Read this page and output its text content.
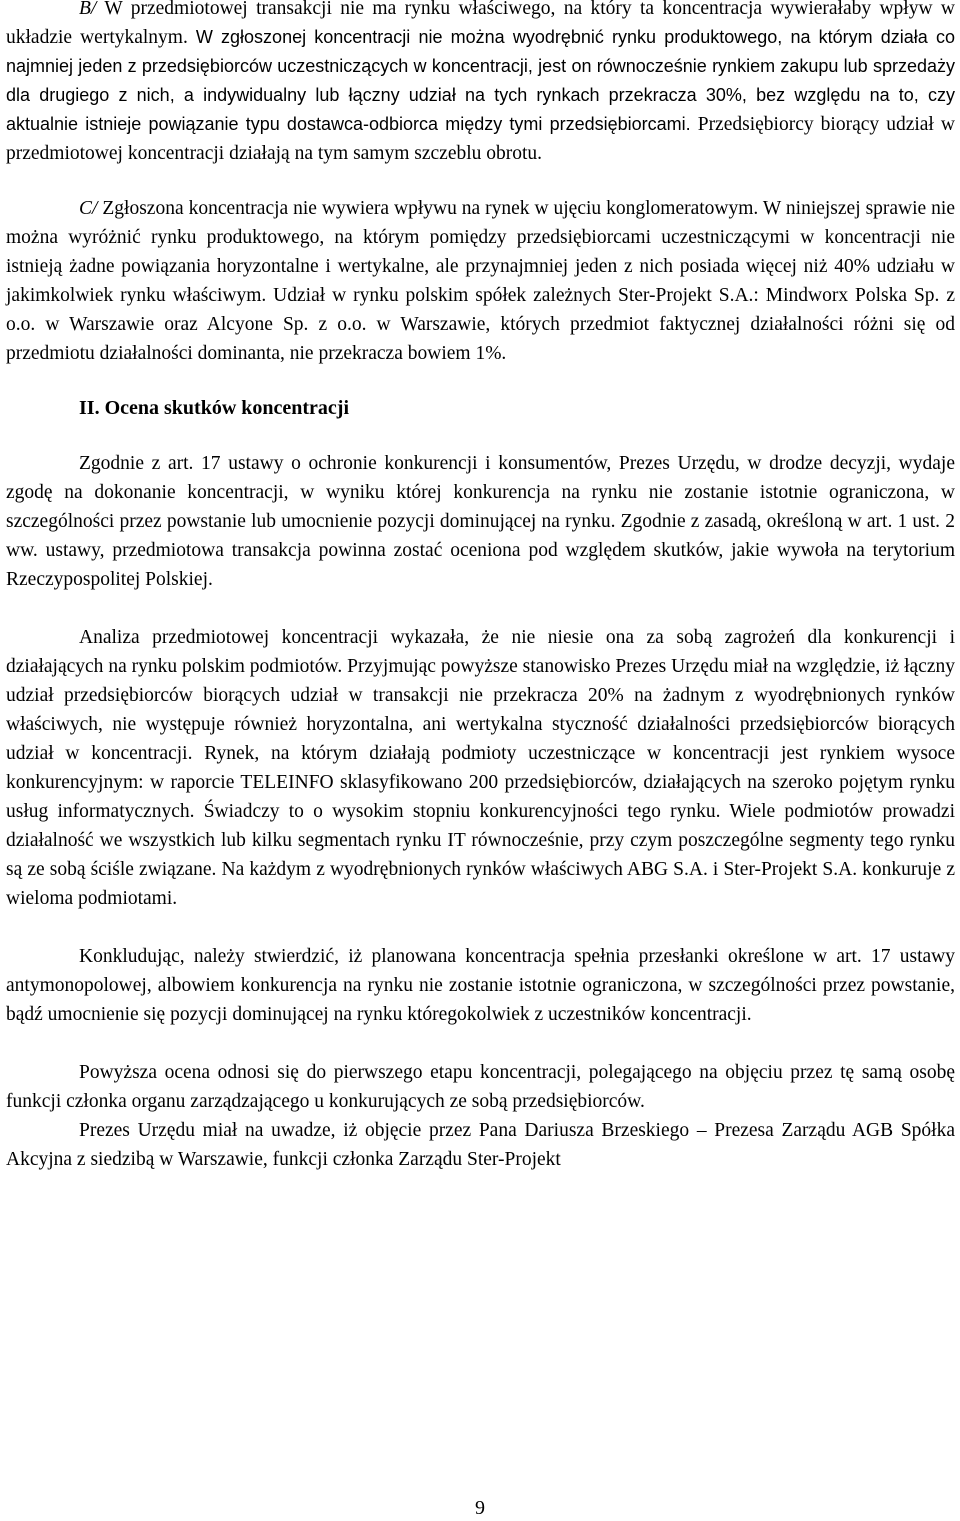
B/ W przedmiotowej transakcji nie ma rynku właściwego, na który ta koncentracja wywierałaby wpływ w układzie wertykalnym. W zgłoszonej koncentracji nie można wyodrębnić rynku produktowego, na którym działa co najmniej jeden z przedsiębiorców uczestniczących w koncentracji, jest on równocześnie rynkiem zakupu lub sprzedaży dla drugiego z nich, a indywidualny lub łączny udział na tych rynkach przekracza 30%, bez względu na to, czy aktualnie istnieje powiązanie typu dostawca-odbiorca między tymi przedsiębiorcami. Przedsiębiorcy biorący udział w przedmiotowej koncentracji działają na tym samym szczeblu obrotu.

C/ Zgłoszona koncentracja nie wywiera wpływu na rynek w ujęciu konglomeratowym. W niniejszej sprawie nie można wyróżnić rynku produktowego, na którym pomiędzy przedsiębiorcami uczestniczącymi w koncentracji nie istnieją żadne powiązania horyzontalne i wertykalne, ale przynajmniej jeden z nich posiada więcej niż 40% udziału w jakimkolwiek rynku właściwym. Udział w rynku polskim spółek zależnych Ster-Projekt S.A.: Mindworx Polska Sp. z o.o. w Warszawie oraz Alcyone Sp. z o.o. w Warszawie, których przedmiot faktycznej działalności różni się od przedmiotu działalności dominanta, nie przekracza bowiem 1%.

II. Ocena skutków koncentracji

Zgodnie z art. 17 ustawy o ochronie konkurencji i konsumentów, Prezes Urzędu, w drodze decyzji, wydaje zgodę na dokonanie koncentracji, w wyniku której konkurencja na rynku nie zostanie istotnie ograniczona, w szczególności przez powstanie lub umocnienie pozycji dominującej na rynku. Zgodnie z zasadą, określoną w art. 1 ust. 2 ww. ustawy, przedmiotowa transakcja powinna zostać oceniona pod względem skutków, jakie wywoła na terytorium Rzeczypospolitej Polskiej.

Analiza przedmiotowej koncentracji wykazała, że nie niesie ona za sobą zagrożeń dla konkurencji i działających na rynku polskim podmiotów. Przyjmując powyższe stanowisko Prezes Urzędu miał na względzie, iż łączny udział przedsiębiorców biorących udział w transakcji nie przekracza 20% na żadnym z wyodrębnionych rynków właściwych, nie występuje również horyzontalna, ani wertykalna styczność działalności przedsiębiorców biorących udział w koncentracji. Rynek, na którym działają podmioty uczestniczące w koncentracji jest rynkiem wysoce konkurencyjnym: w raporcie TELEINFO sklasyfikowano 200 przedsiębiorców, działających na szeroko pojętym rynku usług informatycznych. Świadczy to o wysokim stopniu konkurencyjności tego rynku. Wiele podmiotów prowadzi działalność we wszystkich lub kilku segmentach rynku IT równocześnie, przy czym poszczególne segmenty tego rynku są ze sobą ściśle związane. Na każdym z wyodrębnionych rynków właściwych ABG S.A. i Ster-Projekt S.A. konkuruje z wieloma podmiotami.

Konkludując, należy stwierdzić, iż planowana koncentracja spełnia przesłanki określone w art. 17 ustawy antymonopolowej, albowiem konkurencja na rynku nie zostanie istotnie ograniczona, w szczególności przez powstanie, bądź umocnienie się pozycji dominującej na rynku któregokolwiek z uczestników koncentracji.

Powyższa ocena odnosi się do pierwszego etapu koncentracji, polegającego na objęciu przez tę samą osobę funkcji członka organu zarządzającego u konkurujących ze sobą przedsiębiorców.

Prezes Urzędu miał na uwadze, iż objęcie przez Pana Dariusza Brzeskiego – Prezesa Zarządu AGB Spółka Akcyjna z siedzibą w Warszawie, funkcji członka Zarządu Ster-Projekt

9
